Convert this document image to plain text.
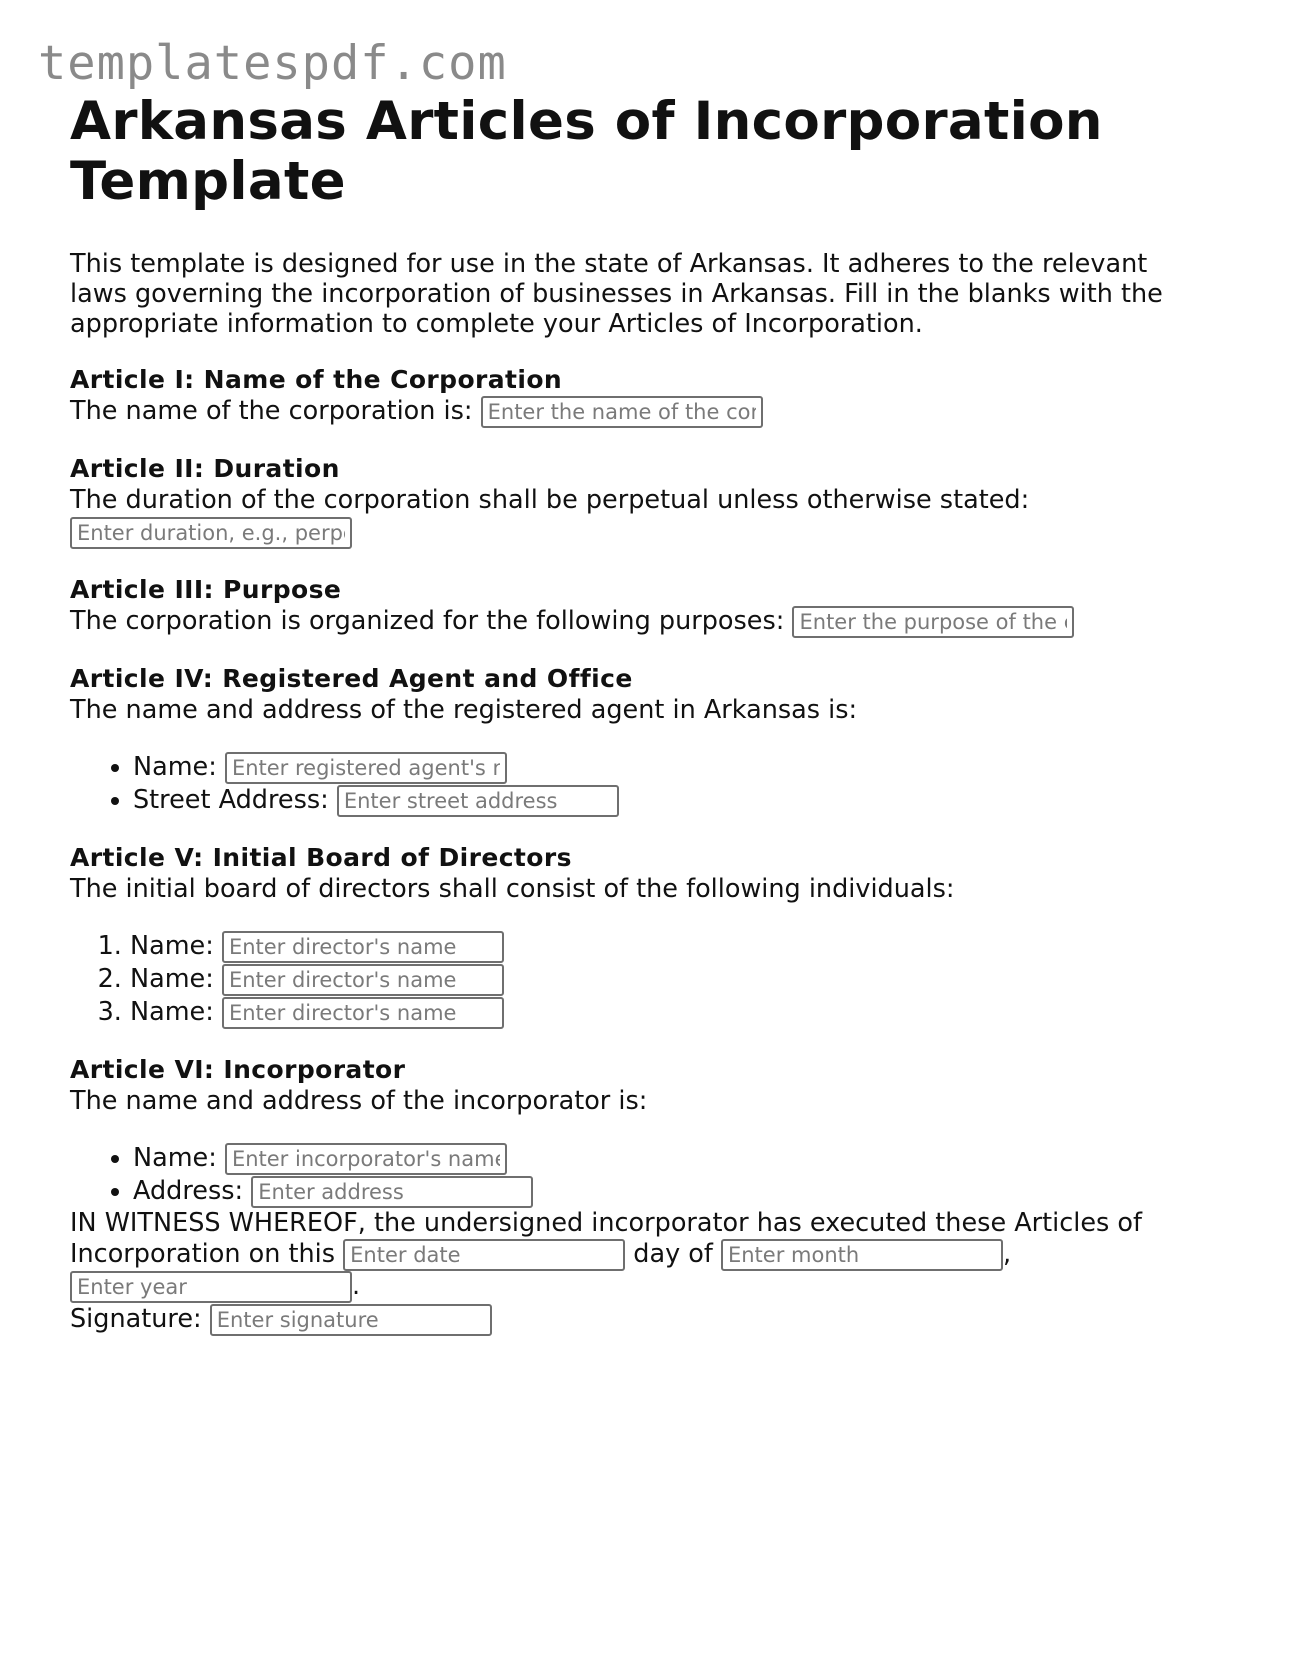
templatespdf.com
Arkansas Articles of Incorporation Template

This template is designed for use in the state of Arkansas. It adheres to the relevant laws governing the incorporation of businesses in Arkansas. Fill in the blanks with the appropriate information to complete your Articles of Incorporation.

Article I: Name of the Corporation

The name of the corporation is: Enter the name of the corporation

Article II: Duration

The duration of the corporation shall be perpetual unless otherwise stated:

Enter duration, e.g., perpetual

Article III: Purpose

The corporation is organized for the following purposes: Enter the purpose of the corporation

Article IV: Registered Agent and Office

The name and address of the registered agent in Arkansas is:

• Name: Enter registered agent's name
• Street Address: Enter street address
Article V: Initial Board of Directors

The initial board of directors shall consist of the following individuals:

1. Name: Enter director's name
2. Name: Enter director's name
3. Name: Enter director's name
Article VI: Incorporator

The name and address of the incorporator is:

• Name: Enter incorporator's name
• Address: Enter address

IN WITNESS WHEREOF, the undersigned incorporator has executed these Articles of Incorporation on this Enter date	day of Enter month	, Enter year.

Signature: Enter signature
